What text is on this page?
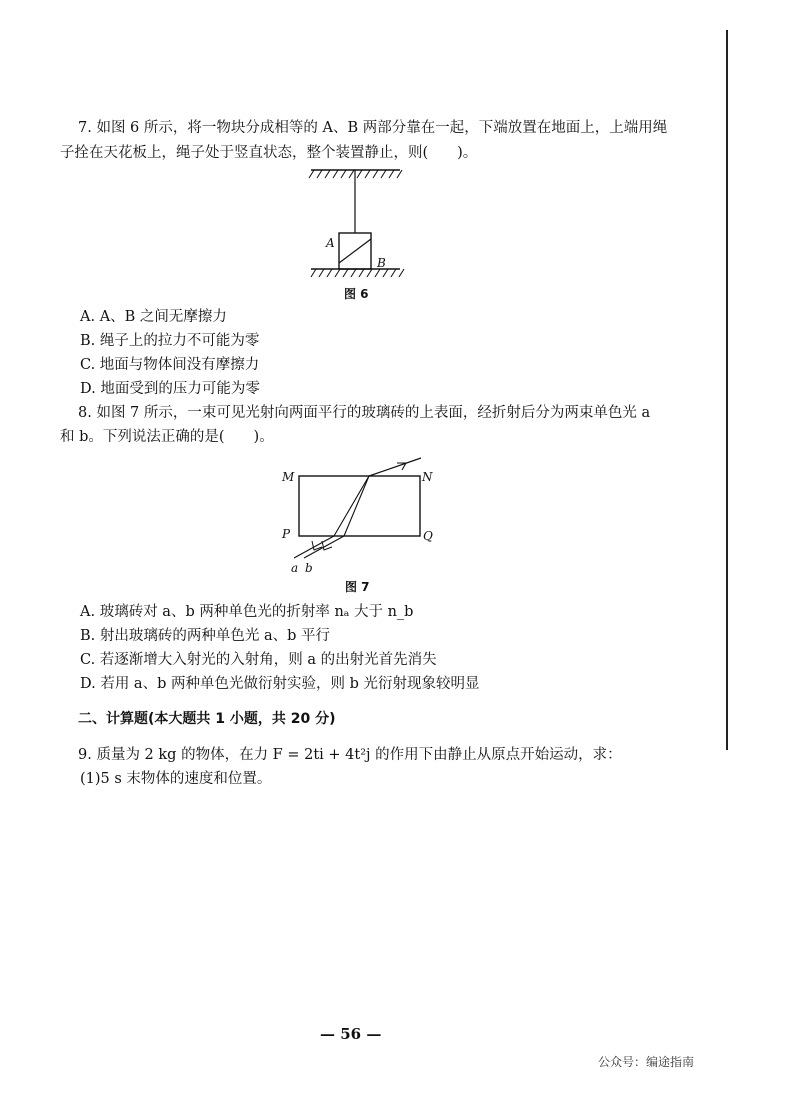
7. 如图 6 所示，将一物块分成相等的 A、B 两部分靠在一起，下端放置在地面上，上端用绳
子拴在天花板上，绳子处于竖直状态，整个装置静止，则(　　)。
A
B
图 6
A. A、B 之间无摩擦力
B. 绳子上的拉力不可能为零
C. 地面与物体间没有摩擦力
D. 地面受到的压力可能为零
8. 如图 7 所示，一束可见光射向两面平行的玻璃砖的上表面，经折射后分为两束单色光 a
和 b。下列说法正确的是(　　)。
M	N
P	Q
a b
图 7
A. 玻璃砖对 a、b 两种单色光的折射率 nₐ 大于 n_b
B. 射出玻璃砖的两种单色光 a、b 平行
C. 若逐渐增大入射光的入射角，则 a 的出射光首先消失
D. 若用 a、b 两种单色光做衍射实验，则 b 光衍射现象较明显
二、计算题(本大题共 1 小题，共 20 分)
9. 质量为 2 kg 的物体，在力 F = 2ti + 4t²j 的作用下由静止从原点开始运动，求：
(1)5 s 末物体的速度和位置。
— 56 —
公众号：编途指南
